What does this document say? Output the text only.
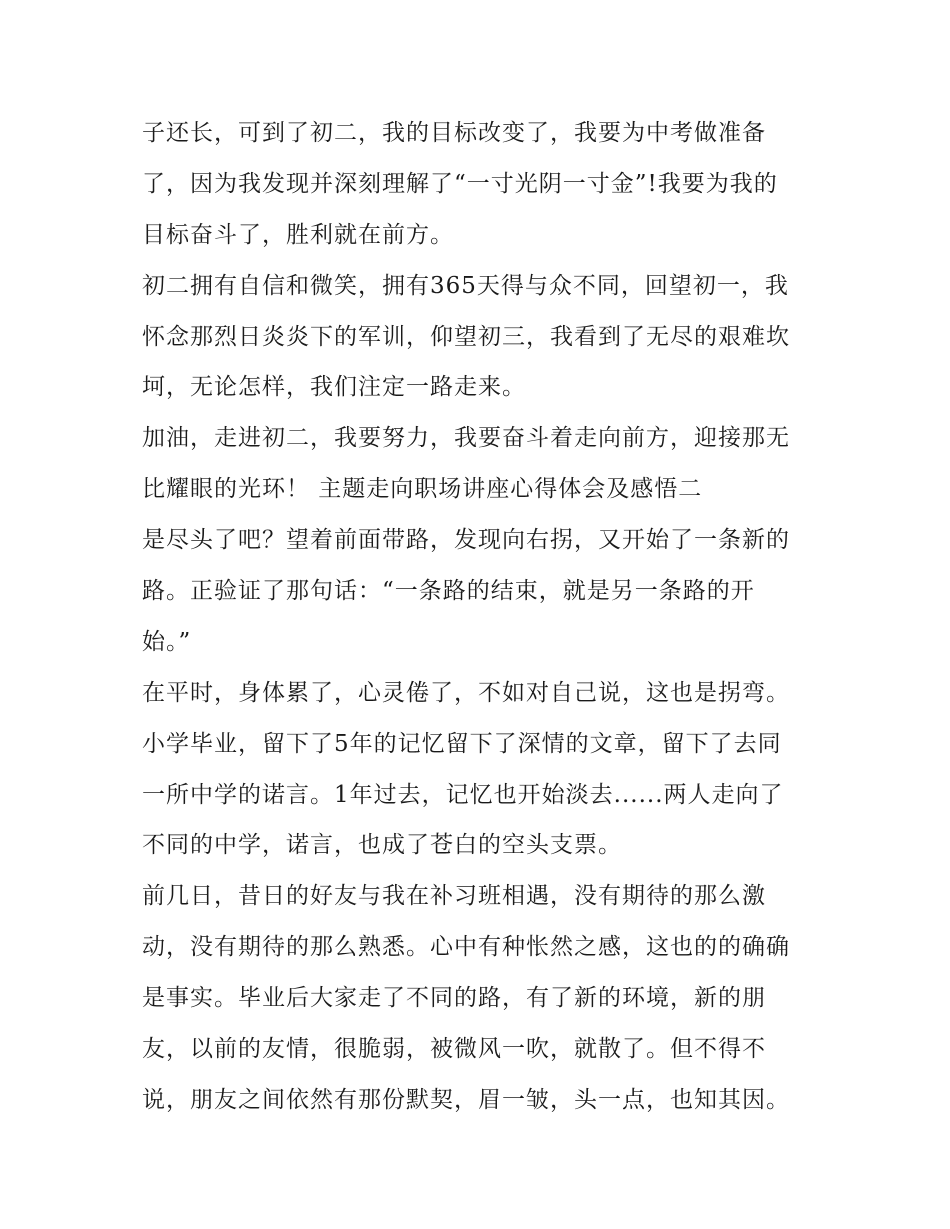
子还长，可到了初二，我的目标改变了，我要为中考做准备
了，因为我发现并深刻理解了“一寸光阴一寸金”!我要为我的
目标奋斗了，胜利就在前方。
初二拥有自信和微笑，拥有365天得与众不同，回望初一，我
怀念那烈日炎炎下的军训，仰望初三，我看到了无尽的艰难坎
坷，无论怎样，我们注定一路走来。
加油，走进初二，我要努力，我要奋斗着走向前方，迎接那无
比耀眼的光环！ 主题走向职场讲座心得体会及感悟二
是尽头了吧？望着前面带路，发现向右拐，又开始了一条新的
路。正验证了那句话：“一条路的结束，就是另一条路的开
始。”
在平时，身体累了，心灵倦了，不如对自己说，这也是拐弯。
小学毕业，留下了5年的记忆留下了深情的文章，留下了去同
一所中学的诺言。1年过去，记忆也开始淡去......两人走向了
不同的中学，诺言，也成了苍白的空头支票。
前几日，昔日的好友与我在补习班相遇，没有期待的那么激
动，没有期待的那么熟悉。心中有种怅然之感，这也的的确确
是事实。毕业后大家走了不同的路，有了新的环境，新的朋
友，以前的友情，很脆弱，被微风一吹，就散了。但不得不
说，朋友之间依然有那份默契，眉一皱，头一点，也知其因。
